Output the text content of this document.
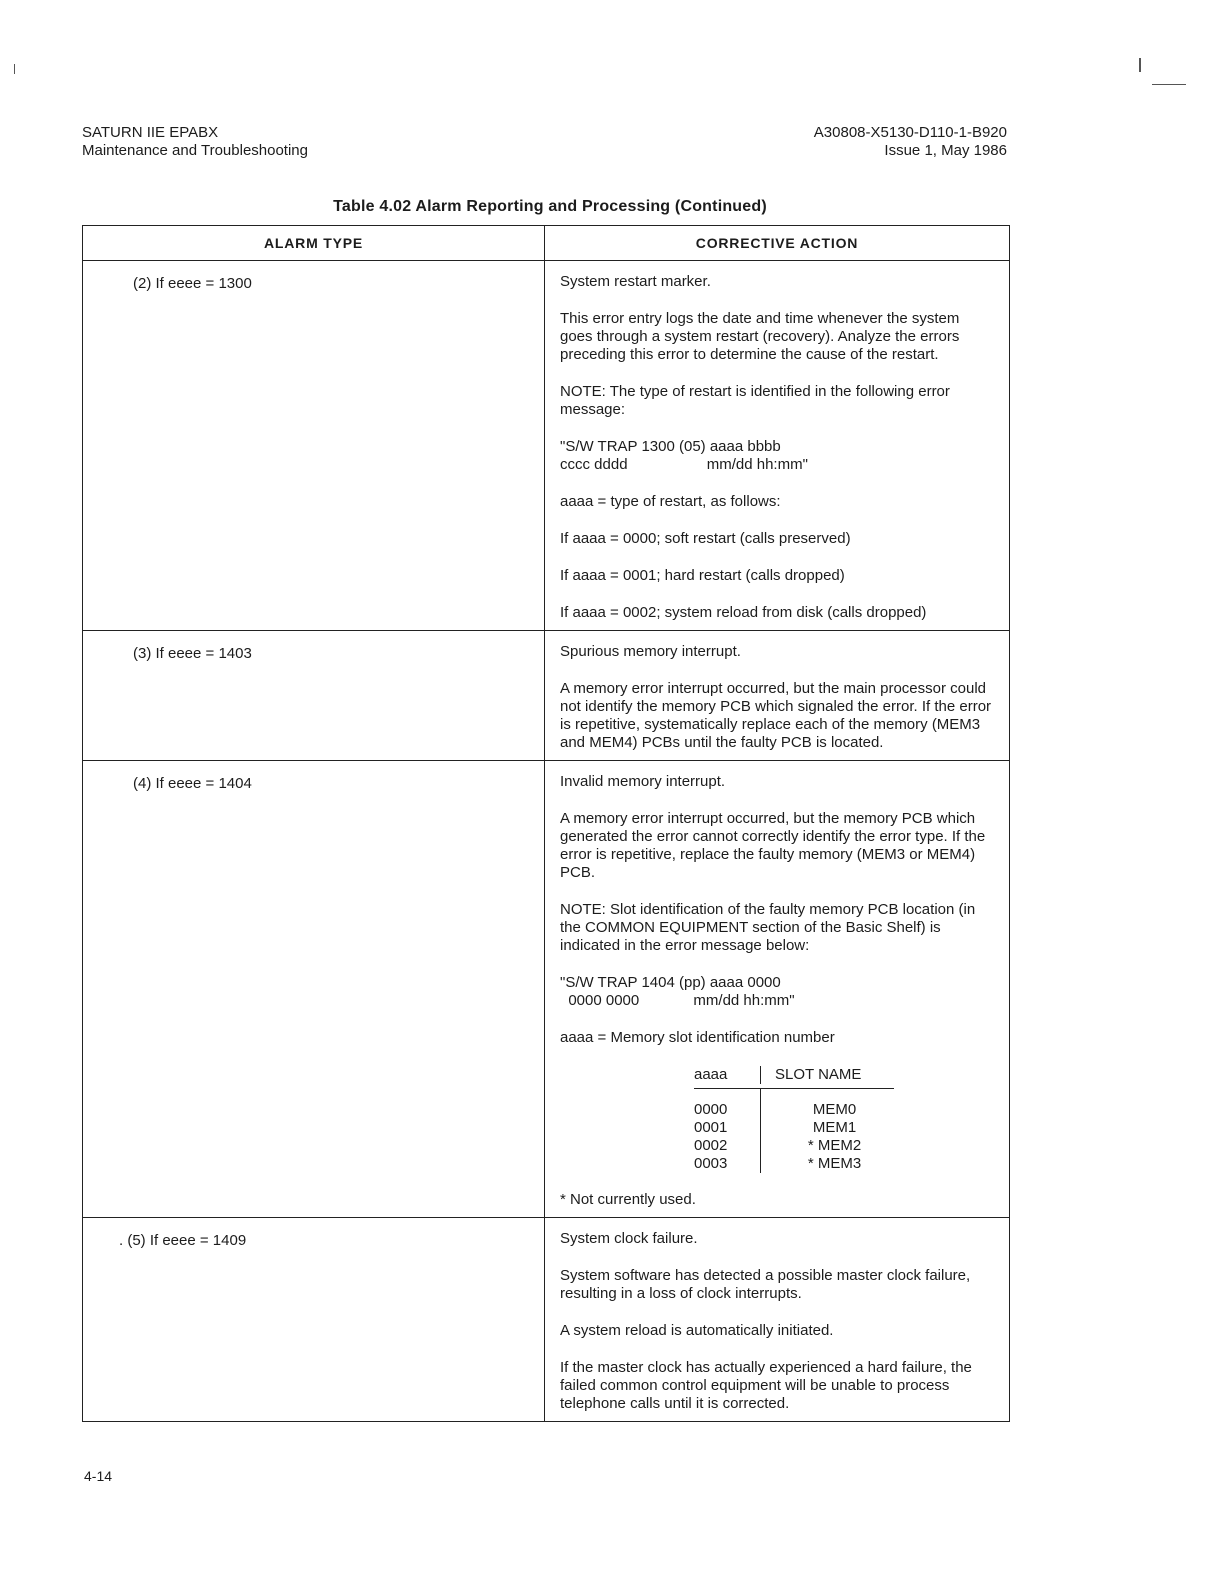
SATURN IIE EPABX
Maintenance and Troubleshooting
A30808-X5130-D110-1-B920
Issue 1, May 1986
Table 4.02 Alarm Reporting and Processing (Continued)
ALARM TYPE	CORRECTIVE ACTION
(2) If eeee = 1300	System restart marker.

This error entry logs the date and time whenever the system goes through a system restart (recovery). Analyze the errors preceding this error to determine the cause of the restart.

NOTE: The type of restart is identified in the following error message:

"S/W TRAP 1300 (05) aaaa bbbb
cccc dddd                   mm/dd hh:mm"

aaaa = type of restart, as follows:

If aaaa = 0000; soft restart (calls preserved)

If aaaa = 0001; hard restart (calls dropped)

If aaaa = 0002; system reload from disk (calls dropped)

(3) If eeee = 1403	Spurious memory interrupt.

A memory error interrupt occurred, but the main processor could not identify the memory PCB which signaled the error. If the error is repetitive, systematically replace each of the memory (MEM3 and MEM4) PCBs until the faulty PCB is located.

(4) If eeee = 1404	Invalid memory interrupt.

A memory error interrupt occurred, but the memory PCB which generated the error cannot correctly identify the error type. If the error is repetitive, replace the faulty memory (MEM3 or MEM4) PCB.

NOTE: Slot identification of the faulty memory PCB location (in the COMMON EQUIPMENT section of the Basic Shelf) is indicated in the error message below:

"S/W TRAP 1404 (pp) aaaa 0000
0000 0000             mm/dd hh:mm"

aaaa = Memory slot identification number

aaaa	SLOT NAME
0000	MEM0
0001	MEM1
0002	* MEM2
0003	* MEM3

* Not currently used.

. (5) If eeee = 1409	System clock failure.

System software has detected a possible master clock failure, resulting in a loss of clock interrupts.

A system reload is automatically initiated.

If the master clock has actually experienced a hard failure, the failed common control equipment will be unable to process telephone calls until it is corrected.

4-14
